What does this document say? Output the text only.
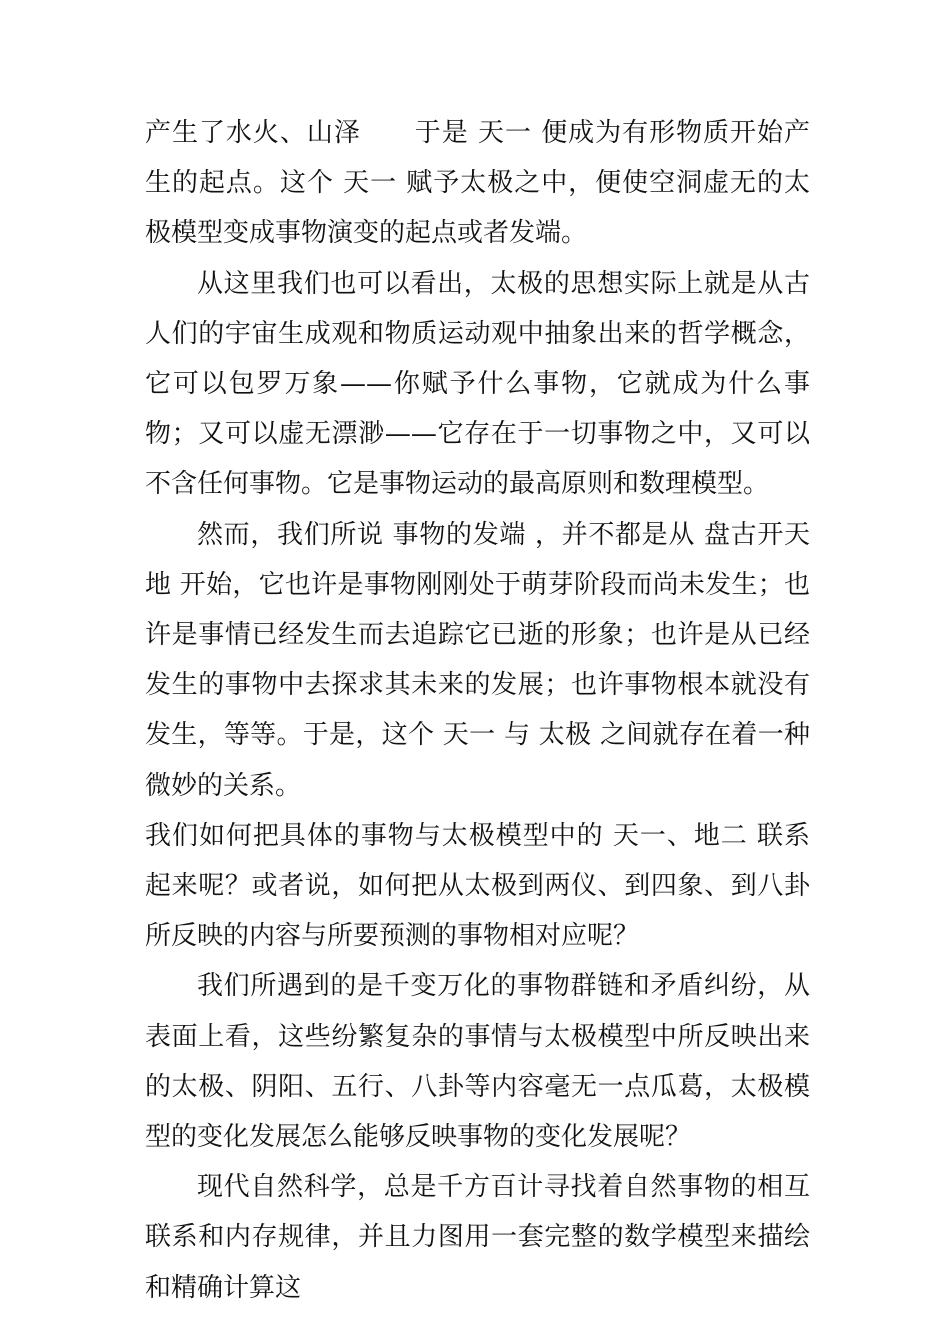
产生了水火、山泽　　于是 天一 便成为有形物质开始产生的起点。这个 天一 赋予太极之中，便使空洞虚无的太极模型变成事物演变的起点或者发端。

从这里我们也可以看出，太极的思想实际上就是从古人们的宇宙生成观和物质运动观中抽象出来的哲学概念，它可以包罗万象——你赋予什么事物，它就成为什么事物；又可以虚无漂渺——它存在于一切事物之中，又可以不含任何事物。它是事物运动的最高原则和数理模型。

然而，我们所说 事物的发端 ，并不都是从 盘古开天地 开始，它也许是事物刚刚处于萌芽阶段而尚未发生；也许是事情已经发生而去追踪它已逝的形象；也许是从已经发生的事物中去探求其未来的发展；也许事物根本就没有发生，等等。于是，这个 天一 与 太极 之间就存在着一种微妙的关系。

我们如何把具体的事物与太极模型中的 天一、地二 联系起来呢？或者说，如何把从太极到两仪、到四象、到八卦所反映的内容与所要预测的事物相对应呢？

我们所遇到的是千变万化的事物群链和矛盾纠纷，从表面上看，这些纷繁复杂的事情与太极模型中所反映出来的太极、阴阳、五行、八卦等内容毫无一点瓜葛，太极模型的变化发展怎么能够反映事物的变化发展呢？

现代自然科学，总是千方百计寻找着自然事物的相互联系和内存规律，并且力图用一套完整的数学模型来描绘和精确计算这
